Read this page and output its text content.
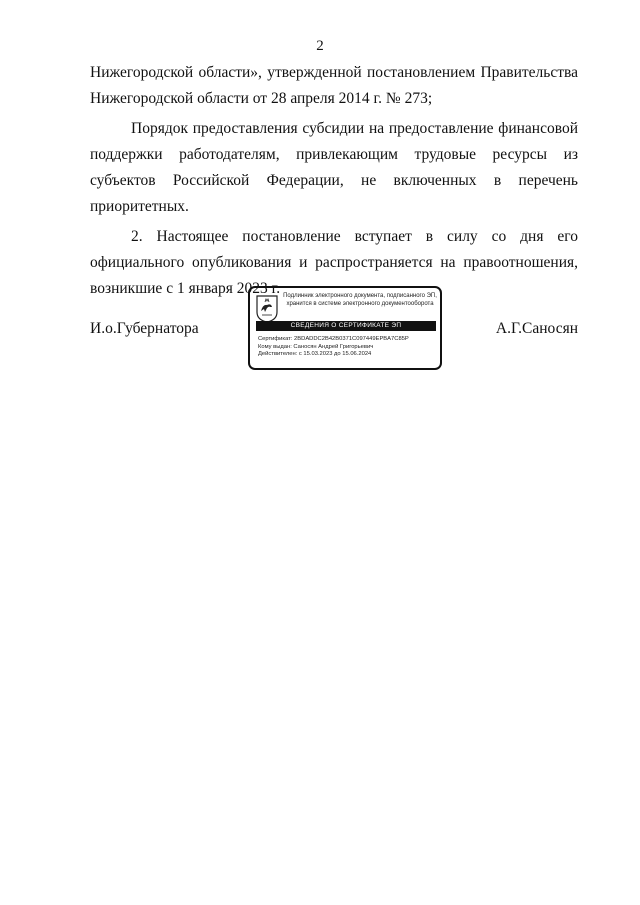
2

Нижегородской области», утвержденной постановлением Правительства

Нижегородской области от 28 апреля 2014 г. № 273;

Порядок предоставления субсидии на предоставление финансовой поддержки работодателям, привлекающим трудовые ресурсы из субъектов Российской Федерации, не включенных в перечень приоритетных.

2. Настоящее постановление вступает в силу со дня его официального опубликования и распространяется на правоотношения, возникшие с 1 января 2023 г.

И.о.Губернатора
Подлинник электронного документа, подписанного ЭП,
хранится в системе электронного документооборота
СВЕДЕНИЯ О СЕРТИФИКАТЕ ЭП
Сертификат: 2BDADDC2B42B0371C097449EPBA7C85P
Кому выдан: Саносян Андрей Григорьевич
Действителен: с 15.03.2023 до 15.06.2024
А.Г.Саносян
